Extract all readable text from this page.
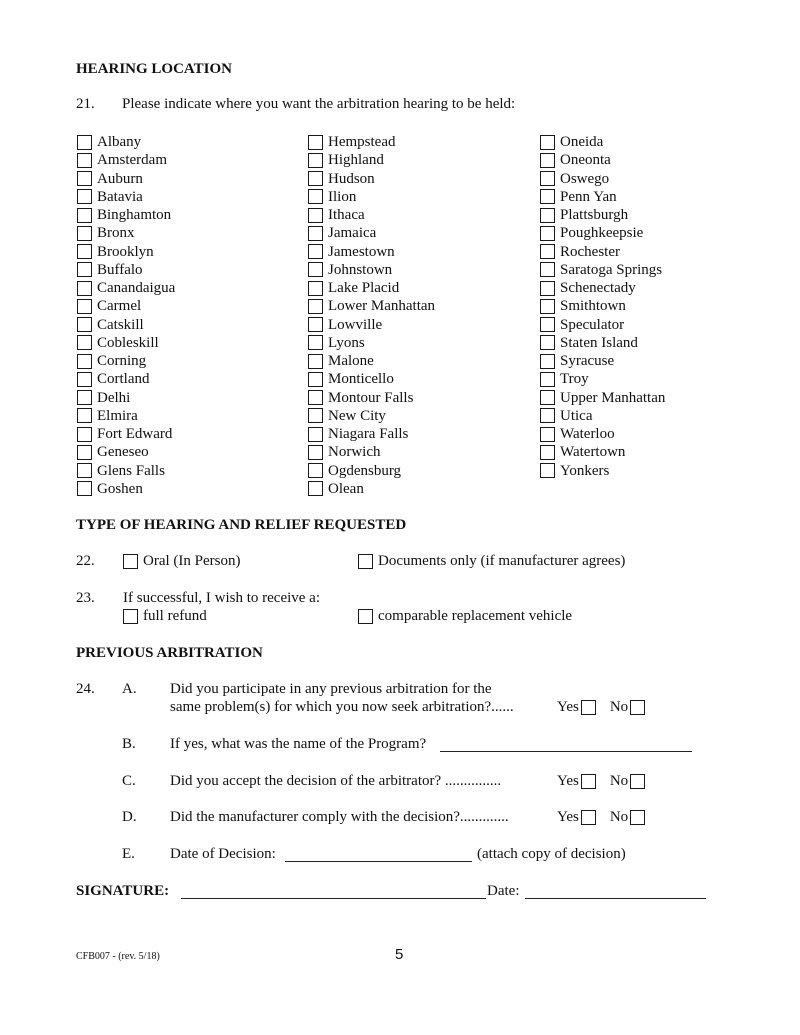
HEARING LOCATION
21. Please indicate where you want the arbitration hearing to be held:
Albany
Amsterdam
Auburn
Batavia
Binghamton
Bronx
Brooklyn
Buffalo
Canandaigua
Carmel
Catskill
Cobleskill
Corning
Cortland
Delhi
Elmira
Fort Edward
Geneseo
Glens Falls
Goshen
Hempstead
Highland
Hudson
Ilion
Ithaca
Jamaica
Jamestown
Johnstown
Lake Placid
Lower Manhattan
Lowville
Lyons
Malone
Monticello
Montour Falls
New City
Niagara Falls
Norwich
Ogdensburg
Olean
Oneida
Oneonta
Oswego
Penn Yan
Plattsburgh
Poughkeepsie
Rochester
Saratoga Springs
Schenectady
Smithtown
Speculator
Staten Island
Syracuse
Troy
Upper Manhattan
Utica
Waterloo
Watertown
Yonkers
TYPE OF HEARING AND RELIEF REQUESTED
22.	Oral (In Person)	Documents only (if manufacturer agrees)
23. If successful, I wish to receive a:
full refund	comparable replacement vehicle
PREVIOUS ARBITRATION
24. A. Did you participate in any previous arbitration for the
same problem(s) for which you now seek arbitration?......	Yes No
B. If yes, what was the name of the Program?
C. Did you accept the decision of the arbitrator? ...............	Yes No
D. Did the manufacturer comply with the decision?.............	Yes No
E. Date of Decision:	(attach copy of decision)
SIGNATURE:	Date:
CFB007 - (rev. 5/18)	5
